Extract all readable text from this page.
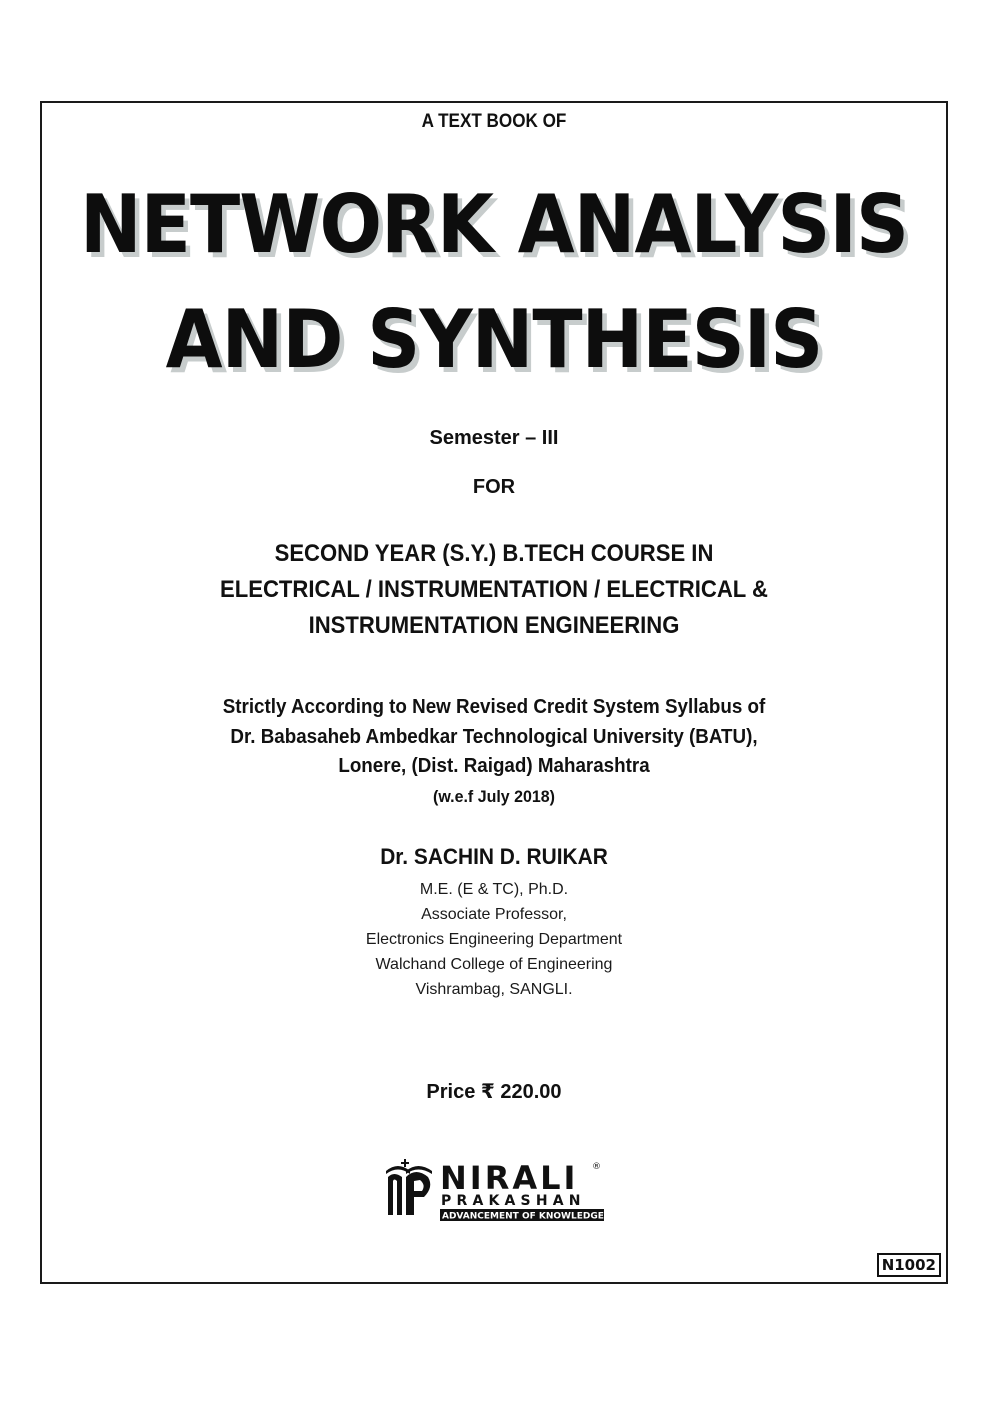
A TEXT BOOK OF
NETWORK ANALYSIS
AND SYNTHESIS
Semester – III
FOR
SECOND YEAR (S.Y.) B.TECH COURSE IN
ELECTRICAL / INSTRUMENTATION / ELECTRICAL &
INSTRUMENTATION ENGINEERING
Strictly According to New Revised Credit System Syllabus of
Dr. Babasaheb Ambedkar Technological University (BATU),
Lonere, (Dist. Raigad) Maharashtra
(w.e.f July 2018)
Dr. SACHIN D. RUIKAR
M.E. (E & TC), Ph.D.
Associate Professor,
Electronics Engineering Department
Walchand College of Engineering
Vishrambag, SANGLI.
Price ₹ 220.00
NIRALI ®
PRAKASHAN
ADVANCEMENT OF KNOWLEDGE
N1002
